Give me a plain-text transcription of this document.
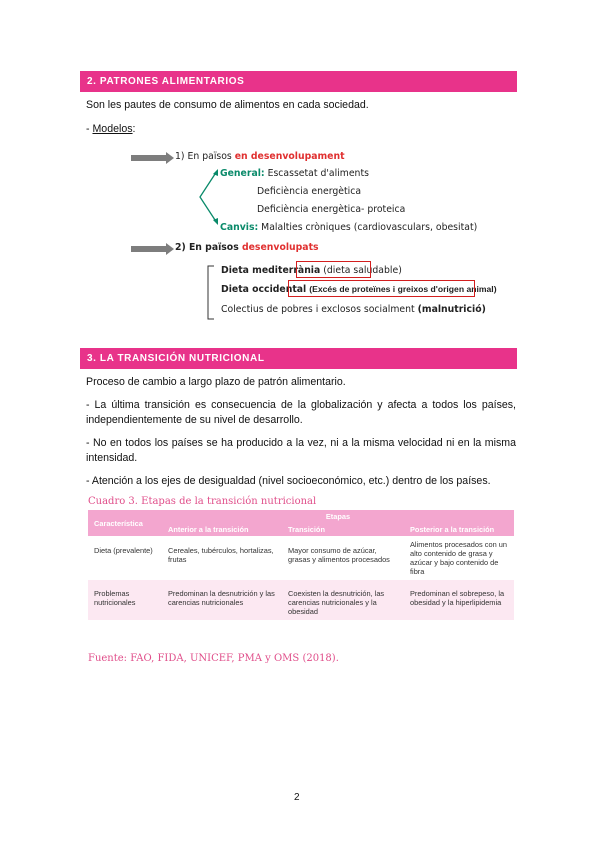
2. PATRONES ALIMENTARIOS
Son les pautes de consumo de alimentos en cada sociedad.
- Modelos:
1) En països en desenvolupament
General: Escassetat d'aliments
Deficiència energètica
Deficiència energètica- proteica
Canvis: Malalties cròniques (cardiovasculars, obesitat)
2) En països desenvolupats
Dieta mediterrània (dieta saludable)
Dieta occidental (Excés de proteïnes i greixos d'origen animal)
Colectius de pobres i exclosos socialment (malnutrició)
3. LA TRANSICIÓN NUTRICIONAL
Proceso de cambio a largo plazo de patrón alimentario.
- La última transición es consecuencia de la globalización y afecta a todos los países, independientemente de su nivel de desarrollo.
- No en todos los países se ha producido a la vez, ni a la misma velocidad ni en la misma intensidad.
- Atención a los ejes de desigualdad (nivel socioeconómico, etc.) dentro de los países.
Cuadro 3. Etapas de la transición nutricional
Característica	Etapas		
	Anterior a la transición	Transición	Posterior a la transición
Dieta (prevalente)	Cereales, tubérculos, hortalizas, frutas	Mayor consumo de azúcar, grasas y alimentos procesados	Alimentos procesados con un alto contenido de grasa y azúcar y bajo contenido de fibra
Problemas nutricionales	Predominan la desnutrición y las carencias nutricionales	Coexisten la desnutrición, las carencias nutricionales y la obesidad	Predominan el sobrepeso, la obesidad y la hiperlipidemia
Fuente: FAO, FIDA, UNICEF, PMA y OMS (2018).
2
